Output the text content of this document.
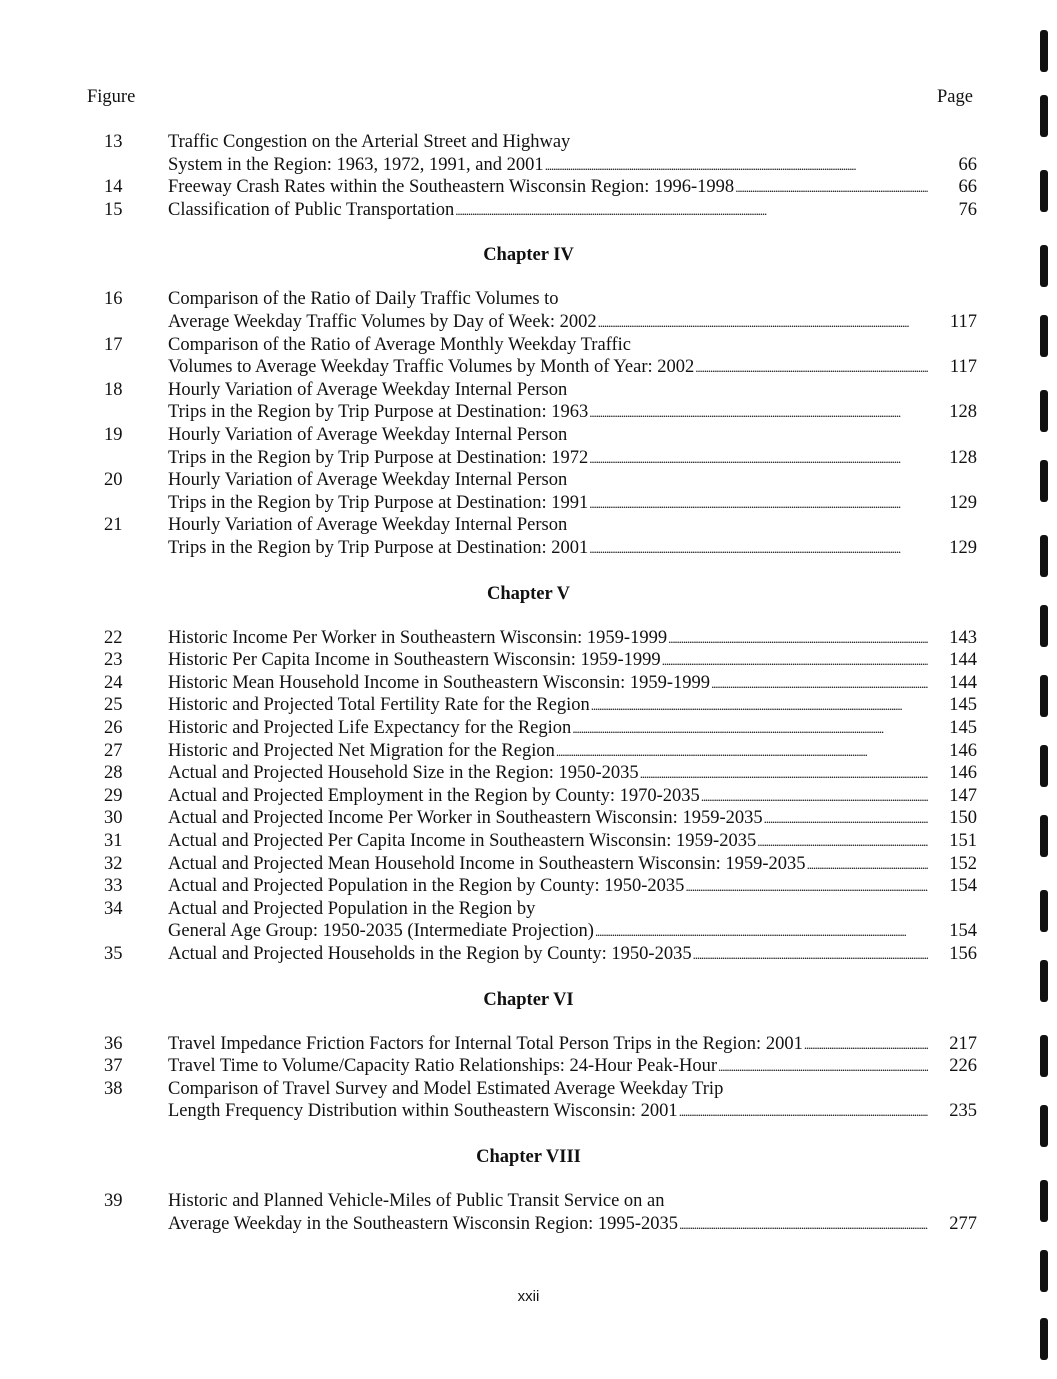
Figure	Page
13	Traffic Congestion on the Arterial Street and Highway
System in the Region: 1963, 1972, 1991, and 2001 . . .	66
14	Freeway Crash Rates within the Southeastern Wisconsin Region: 1996-1998 . . .	66
15	Classification of Public Transportation . . .	76
Chapter IV
16	Comparison of the Ratio of Daily Traffic Volumes to
Average Weekday Traffic Volumes by Day of Week: 2002 . . .	117
17	Comparison of the Ratio of Average Monthly Weekday Traffic
Volumes to Average Weekday Traffic Volumes by Month of Year: 2002 . . .	117
18	Hourly Variation of Average Weekday Internal Person
Trips in the Region by Trip Purpose at Destination: 1963 . . .	128
19	Hourly Variation of Average Weekday Internal Person
Trips in the Region by Trip Purpose at Destination: 1972 . . .	128
20	Hourly Variation of Average Weekday Internal Person
Trips in the Region by Trip Purpose at Destination: 1991 . . .	129
21	Hourly Variation of Average Weekday Internal Person
Trips in the Region by Trip Purpose at Destination: 2001 . . .	129
Chapter V
22	Historic Income Per Worker in Southeastern Wisconsin: 1959-1999 . . .	143
23	Historic Per Capita Income in Southeastern Wisconsin: 1959-1999 . . .	144
24	Historic Mean Household Income in Southeastern Wisconsin: 1959-1999 . . .	144
25	Historic and Projected Total Fertility Rate for the Region . . .	145
26	Historic and Projected Life Expectancy for the Region . . .	145
27	Historic and Projected Net Migration for the Region . . .	146
28	Actual and Projected Household Size in the Region: 1950-2035 . . .	146
29	Actual and Projected Employment in the Region by County: 1970-2035 . . .	147
30	Actual and Projected Income Per Worker in Southeastern Wisconsin: 1959-2035 . . .	150
31	Actual and Projected Per Capita Income in Southeastern Wisconsin: 1959-2035 . . .	151
32	Actual and Projected Mean Household Income in Southeastern Wisconsin: 1959-2035 . . .	152
33	Actual and Projected Population in the Region by County: 1950-2035 . . .	154
34	Actual and Projected Population in the Region by
General Age Group: 1950-2035 (Intermediate Projection) . . .	154
35	Actual and Projected Households in the Region by County: 1950-2035 . . .	156
Chapter VI
36	Travel Impedance Friction Factors for Internal Total Person Trips in the Region: 2001 . . .	217
37	Travel Time to Volume/Capacity Ratio Relationships: 24-Hour Peak-Hour . . .	226
38	Comparison of Travel Survey and Model Estimated Average Weekday Trip
Length Frequency Distribution within Southeastern Wisconsin: 2001 . . .	235
Chapter VIII
39	Historic and Planned Vehicle-Miles of Public Transit Service on an
Average Weekday in the Southeastern Wisconsin Region: 1995-2035 . . .	277
xxii
